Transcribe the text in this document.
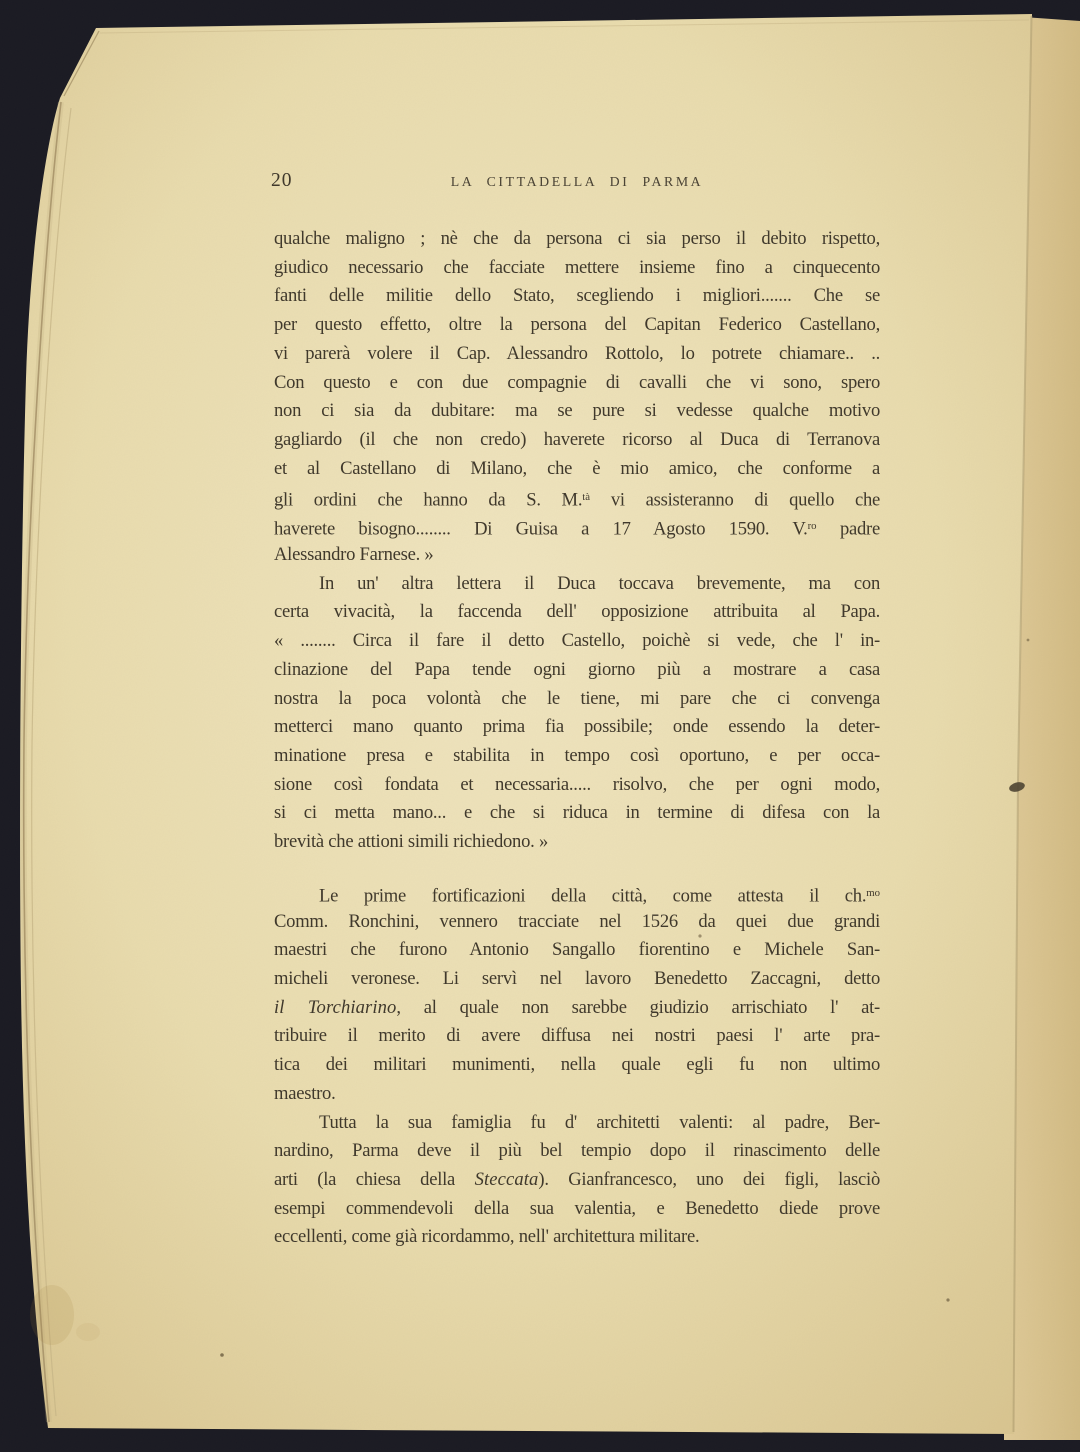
20	LA CITTADELLA DI PARMA
qualche maligno ; nè che da persona ci sia perso il debito rispetto,
giudico necessario che facciate mettere insieme fino a cinquecento
fanti delle militie dello Stato, scegliendo i migliori....... Che se
per questo effetto, oltre la persona del Capitan Federico Castellano,
vi parerà volere il Cap. Alessandro Rottolo, lo potrete chiamare.. ..
Con questo e con due compagnie di cavalli che vi sono, spero
non ci sia da dubitare: ma se pure si vedesse qualche motivo
gagliardo (il che non credo) haverete ricorso al Duca di Terranova
et al Castellano di Milano, che è mio amico, che conforme a
gli ordini che hanno da S. M.$^{tà}$ vi assisteranno di quello che
haverete bisogno........ Di Guisa a 17 Agosto 1590. V.$^{ro}$ padre
Alessandro Farnese. »
In un' altra lettera il Duca toccava brevemente, ma con
certa vivacità, la faccenda dell' opposizione attribuita al Papa.
« ........ Circa il fare il detto Castello, poichè si vede, che l' in-
clinazione del Papa tende ogni giorno più a mostrare a casa
nostra la poca volontà che le tiene, mi pare che ci convenga
metterci mano quanto prima fia possibile; onde essendo la deter-
minatione presa e stabilita in tempo così oportuno, e per occa-
sione così fondata et necessaria..... risolvo, che per ogni modo,
si ci metta mano... e che si riduca in termine di difesa con la
brevità che attioni simili richiedono. »
Le prime fortificazioni della città, come attesta il ch.$^{mo}$
Comm. Ronchini, vennero tracciate nel 1526 da quei due grandi
maestri che furono Antonio Sangallo fiorentino e Michele San-
micheli veronese. Li servì nel lavoro Benedetto Zaccagni, detto
il Torchiarino, al quale non sarebbe giudizio arrischiato l' at-
tribuire il merito di avere diffusa nei nostri paesi l' arte pra-
tica dei militari munimenti, nella quale egli fu non ultimo
maestro.
Tutta la sua famiglia fu d' architetti valenti: al padre, Ber-
nardino, Parma deve il più bel tempio dopo il rinascimento delle
arti (la chiesa della Steccata). Gianfrancesco, uno dei figli, lasciò
esempi commendevoli della sua valentia, e Benedetto diede prove
eccellenti, come già ricordammo, nell' architettura militare.
